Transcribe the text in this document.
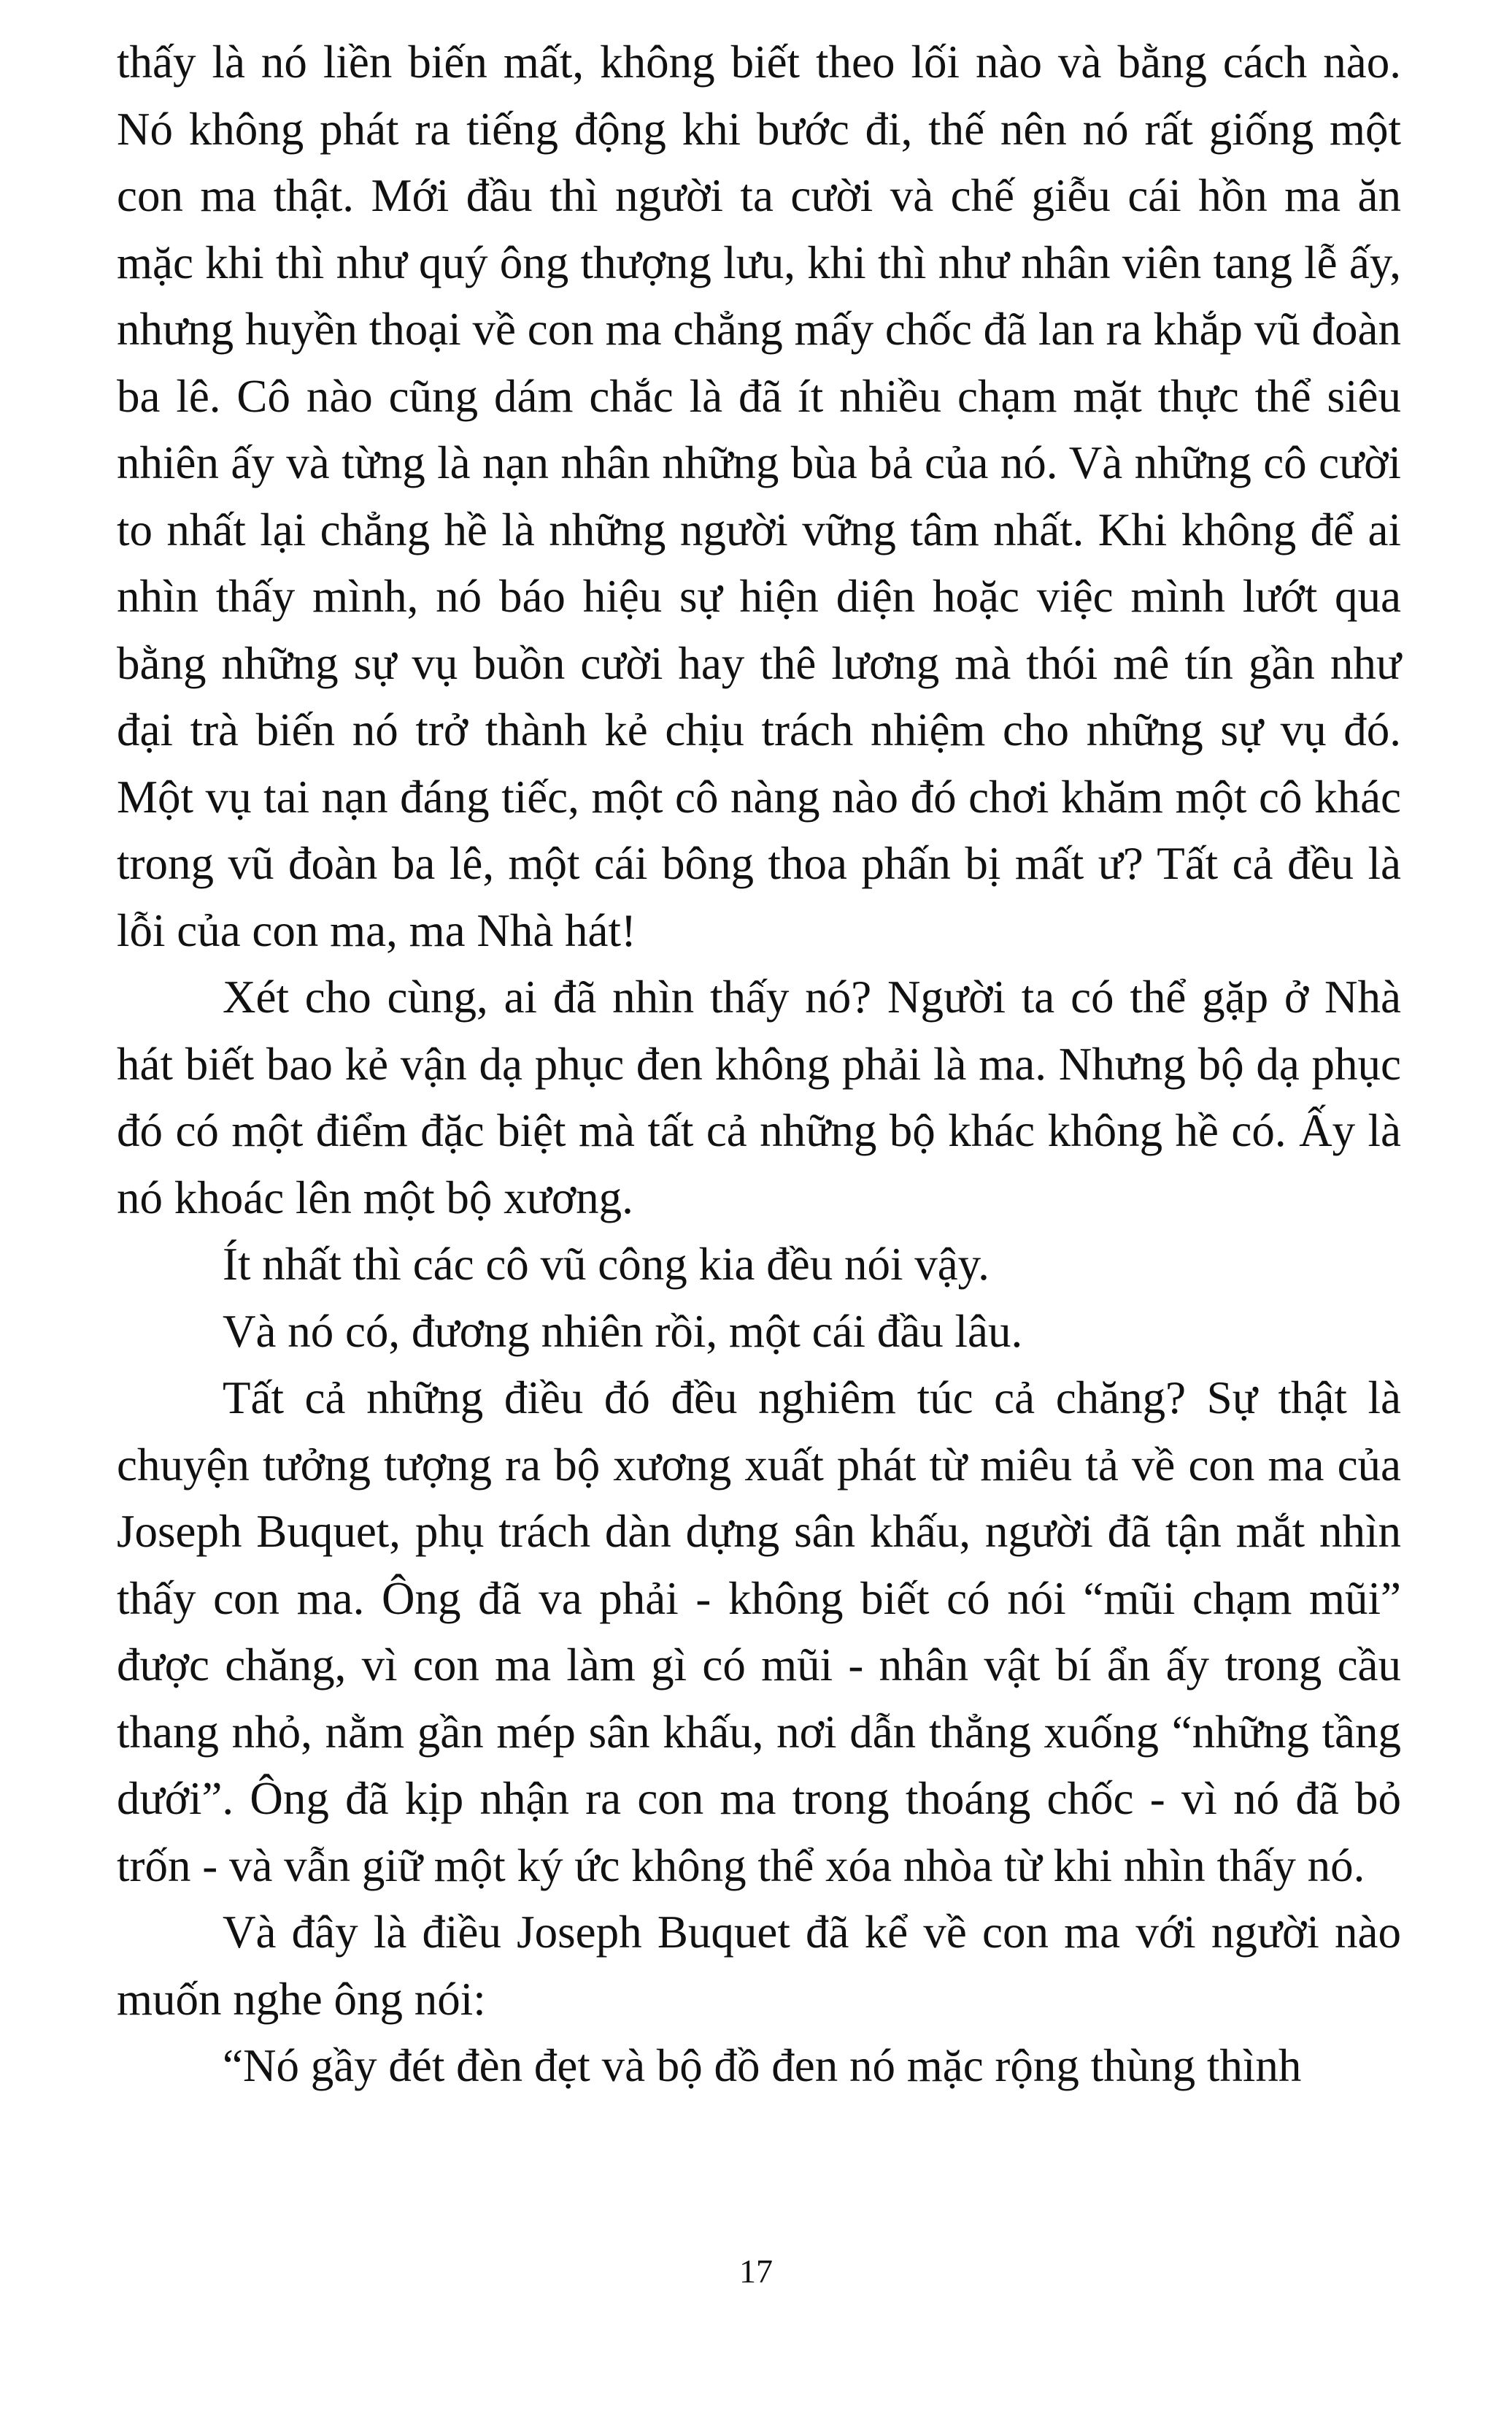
thấy là nó liền biến mất, không biết theo lối nào và bằng cách nào. Nó không phát ra tiếng động khi bước đi, thế nên nó rất giống một con ma thật. Mới đầu thì người ta cười và chế giễu cái hồn ma ăn mặc khi thì như quý ông thượng lưu, khi thì như nhân viên tang lễ ấy, nhưng huyền thoại về con ma chẳng mấy chốc đã lan ra khắp vũ đoàn ba lê. Cô nào cũng dám chắc là đã ít nhiều chạm mặt thực thể siêu nhiên ấy và từng là nạn nhân những bùa bả của nó. Và những cô cười to nhất lại chẳng hề là những người vững tâm nhất. Khi không để ai nhìn thấy mình, nó báo hiệu sự hiện diện hoặc việc mình lướt qua bằng những sự vụ buồn cười hay thê lương mà thói mê tín gần như đại trà biến nó trở thành kẻ chịu trách nhiệm cho những sự vụ đó. Một vụ tai nạn đáng tiếc, một cô nàng nào đó chơi khăm một cô khác trong vũ đoàn ba lê, một cái bông thoa phấn bị mất ư? Tất cả đều là lỗi của con ma, ma Nhà hát!

Xét cho cùng, ai đã nhìn thấy nó? Người ta có thể gặp ở Nhà hát biết bao kẻ vận dạ phục đen không phải là ma. Nhưng bộ dạ phục đó có một điểm đặc biệt mà tất cả những bộ khác không hề có. Ấy là nó khoác lên một bộ xương.

Ít nhất thì các cô vũ công kia đều nói vậy.

Và nó có, đương nhiên rồi, một cái đầu lâu.

Tất cả những điều đó đều nghiêm túc cả chăng? Sự thật là chuyện tưởng tượng ra bộ xương xuất phát từ miêu tả về con ma của Joseph Buquet, phụ trách dàn dựng sân khấu, người đã tận mắt nhìn thấy con ma. Ông đã va phải - không biết có nói “mũi chạm mũi” được chăng, vì con ma làm gì có mũi - nhân vật bí ẩn ấy trong cầu thang nhỏ, nằm gần mép sân khấu, nơi dẫn thẳng xuống “những tầng dưới”. Ông đã kịp nhận ra con ma trong thoáng chốc - vì nó đã bỏ trốn - và vẫn giữ một ký ức không thể xóa nhòa từ khi nhìn thấy nó.

Và đây là điều Joseph Buquet đã kể về con ma với người nào muốn nghe ông nói:

“Nó gầy đét đèn đẹt và bộ đồ đen nó mặc rộng thùng thình

17
